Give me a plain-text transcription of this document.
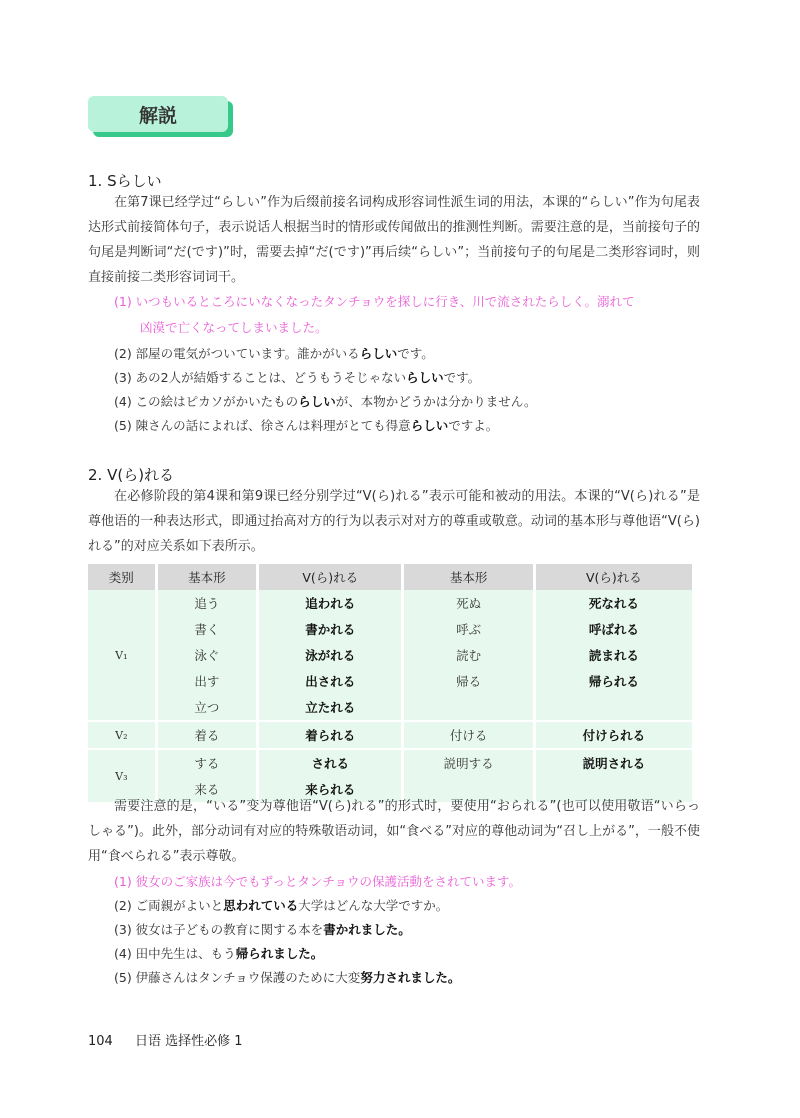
解説
1. Sらしい
在第7课已经学过“らしい”作为后缀前接名词构成形容词性派生词的用法，本课的“らしい”作为句尾表达形式前接简体句子，表示说话人根据当时的情形或传闻做出的推测性判断。需要注意的是，当前接句子的句尾是判断词“だ(です)”时，需要去掉“だ(です)”再后续“らしい”；当前接句子的句尾是二类形容词时，则直接前接二类形容词词干。
(1) いつもいるところにいなくなったタンチョウを探しに行き、川で流されたらしく。溺れて
凶漠で亡くなってしまいました。
(2) 部屋の電気がついています。誰かがいるらしいです。
(3) あの2人が結婚することは、どうもうそじゃないらしいです。
(4) この絵はピカソがかいたものらしいが、本物かどうかは分かりません。
(5) 陳さんの話によれば、徐さんは料理がとても得意らしいですよ。
2. V(ら)れる
在必修阶段的第4课和第9课已经分别学过“V(ら)れる”表示可能和被动的用法。本课的“V(ら)れる”是尊他语的一种表达形式，即通过抬高对方的行为以表示对对方的尊重或敬意。动词的基本形与尊他语“V(ら)れる”的对应关系如下表所示。
类别	基本形	V(ら)れる	基本形	V(ら)れる
V₁	追う	追われる	死ぬ	死なれる
	書く	書かれる	呼ぶ	呼ばれる
	泳ぐ	泳がれる	読む	読まれる
	出す	出される	帰る	帰られる
	立つ	立たれる		
V₂	着る	着られる	付ける	付けられる
V₃	する	される	説明する	説明される
	来る	来られる		
需要注意的是，“いる”变为尊他语“V(ら)れる”的形式时，要使用“おられる”(也可以使用敬语“いらっしゃる”)。此外，部分动词有对应的特殊敬语动词，如“食べる”对应的尊他动词为“召し上がる”，一般不使用“食べられる”表示尊敬。
(1) 彼女のご家族は今でもずっとタンチョウの保護活動をされています。
(2) ご両親がよいと思われている大学はどんな大学ですか。
(3) 彼女は子どもの教育に関する本を書かれました。
(4) 田中先生は、もう帰られました。
(5) 伊藤さんはタンチョウ保護のために大変努力されました。
104 日语 选择性必修 1
